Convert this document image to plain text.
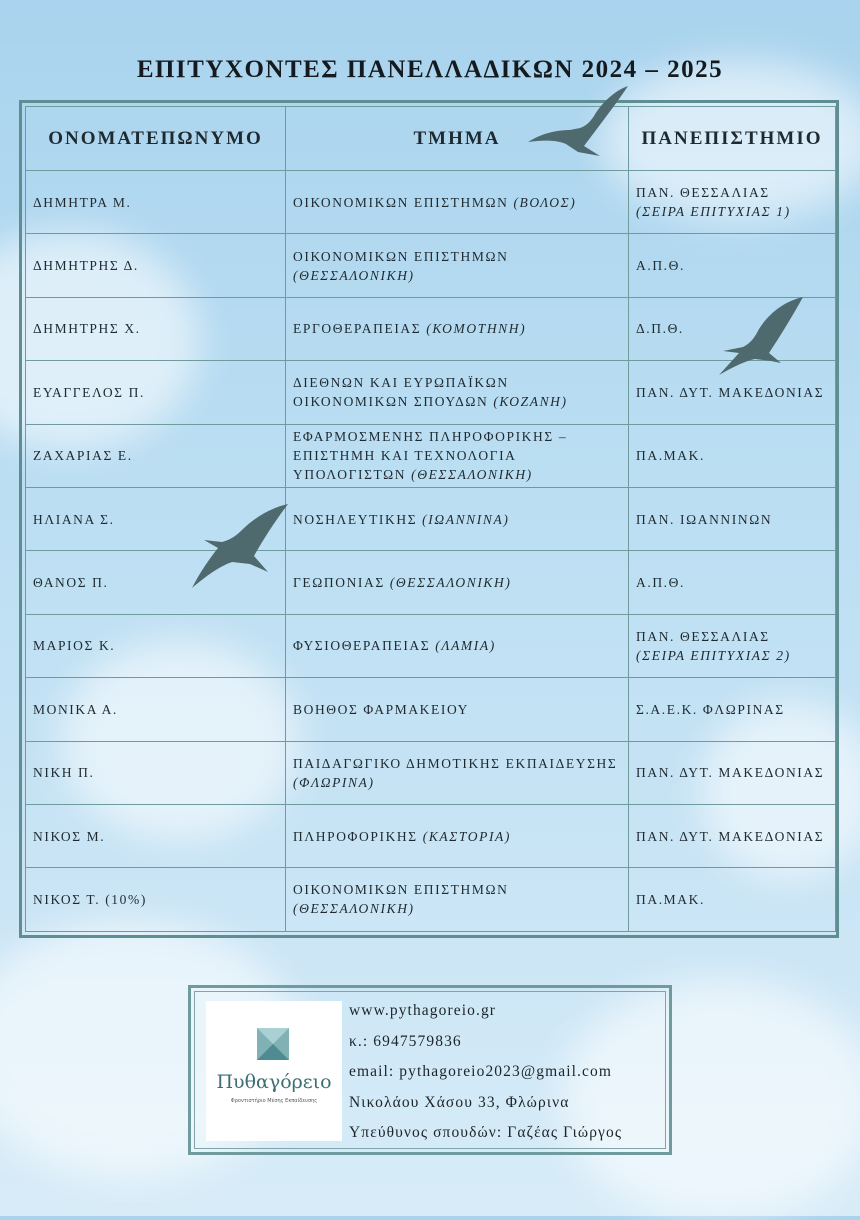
ΕΠΙΤΥΧΟΝΤΕΣ ΠΑΝΕΛΛΑΔΙΚΩΝ 2024 – 2025
ΟΝΟΜΑΤΕΠΩΝΥΜΟ	ΤΜΗΜΑ	ΠΑΝΕΠΙΣΤΗΜΙΟ
ΔΗΜΗΤΡΑ Μ.	ΟΙΚΟΝΟΜΙΚΩΝ ΕΠΙΣΤΗΜΩΝ (ΒΟΛΟΣ)	ΠΑΝ. ΘΕΣΣΑΛΙΑΣ
(ΣΕΙΡΑ ΕΠΙΤΥΧΙΑΣ 1)
ΔΗΜΗΤΡΗΣ Δ.	ΟΙΚΟΝΟΜΙΚΩΝ ΕΠΙΣΤΗΜΩΝ (ΘΕΣΣΑΛΟΝΙΚΗ)	Α.Π.Θ.
ΔΗΜΗΤΡΗΣ Χ.	ΕΡΓΟΘΕΡΑΠΕΙΑΣ (ΚΟΜΟΤΗΝΗ)	Δ.Π.Θ.
ΕΥΑΓΓΕΛΟΣ Π.	ΔΙΕΘΝΩΝ ΚΑΙ ΕΥΡΩΠΑΪΚΩΝ ΟΙΚΟΝΟΜΙΚΩΝ ΣΠΟΥΔΩΝ (ΚΟΖΑΝΗ)	ΠΑΝ. ΔΥΤ. ΜΑΚΕΔΟΝΙΑΣ
ΖΑΧΑΡΙΑΣ Ε.	ΕΦΑΡΜΟΣΜΕΝΗΣ ΠΛΗΡΟΦΟΡΙΚΗΣ – ΕΠΙΣΤΗΜΗ ΚΑΙ ΤΕΧΝΟΛΟΓΙΑ ΥΠΟΛΟΓΙΣΤΩΝ (ΘΕΣΣΑΛΟΝΙΚΗ)	ΠΑ.ΜΑΚ.
ΗΛΙΑΝΑ Σ.	ΝΟΣΗΛΕΥΤΙΚΗΣ (ΙΩΑΝΝΙΝΑ)	ΠΑΝ. ΙΩΑΝΝΙΝΩΝ
ΘΑΝΟΣ Π.	ΓΕΩΠΟΝΙΑΣ (ΘΕΣΣΑΛΟΝΙΚΗ)	Α.Π.Θ.
ΜΑΡΙΟΣ Κ.	ΦΥΣΙΟΘΕΡΑΠΕΙΑΣ (ΛΑΜΙΑ)	ΠΑΝ. ΘΕΣΣΑΛΙΑΣ
(ΣΕΙΡΑ ΕΠΙΤΥΧΙΑΣ 2)
ΜΟΝΙΚΑ Α.	ΒΟΗΘΟΣ ΦΑΡΜΑΚΕΙΟΥ	Σ.Α.Ε.Κ. ΦΛΩΡΙΝΑΣ
ΝΙΚΗ Π.	ΠΑΙΔΑΓΩΓΙΚΟ ΔΗΜΟΤΙΚΗΣ ΕΚΠΑΙΔΕΥΣΗΣ (ΦΛΩΡΙΝΑ)	ΠΑΝ. ΔΥΤ. ΜΑΚΕΔΟΝΙΑΣ
ΝΙΚΟΣ Μ.	ΠΛΗΡΟΦΟΡΙΚΗΣ (ΚΑΣΤΟΡΙΑ)	ΠΑΝ. ΔΥΤ. ΜΑΚΕΔΟΝΙΑΣ
ΝΙΚΟΣ Τ. (10%)	ΟΙΚΟΝΟΜΙΚΩΝ ΕΠΙΣΤΗΜΩΝ (ΘΕΣΣΑΛΟΝΙΚΗ)	ΠΑ.ΜΑΚ.
Πυθαγόρειο
Φροντιστήριο Μέσης Εκπαίδευσης
www.pythagoreio.gr
κ.: 6947579836
email: pythagoreio2023@gmail.com
Νικολάου Χάσου 33, Φλώρινα
Υπεύθυνος σπουδών: Γαζέας Γιώργος
